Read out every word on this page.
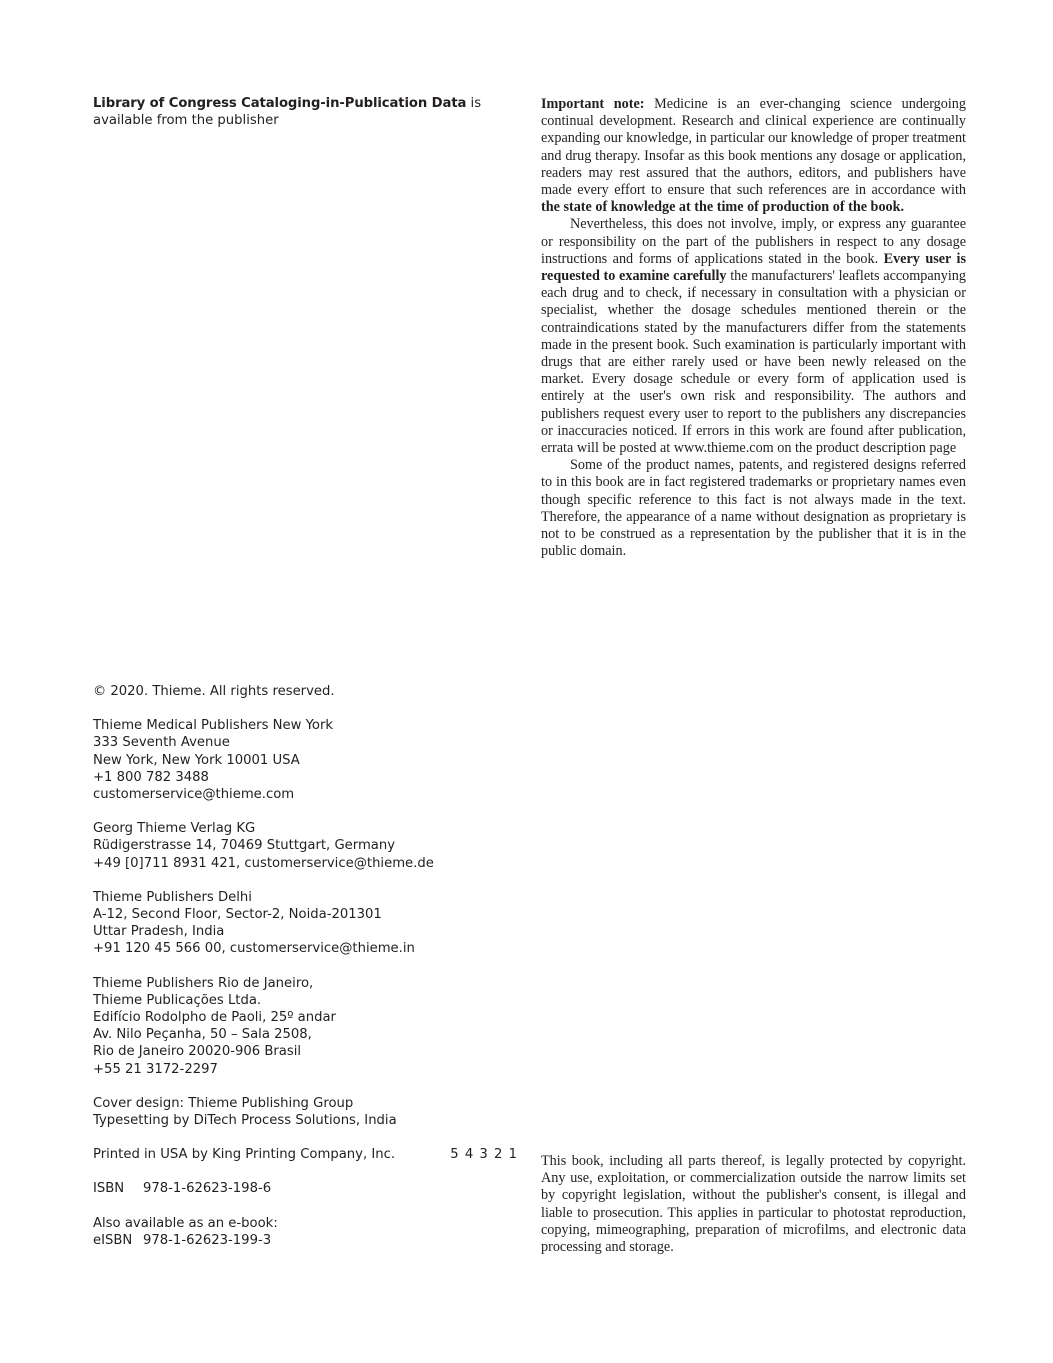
Library of Congress Cataloging-in-Publication Data is available from the publisher

Important note: Medicine is an ever-changing science undergoing continual development. Research and clinical experience are continually expanding our knowledge, in particular our knowledge of proper treatment and drug therapy. Insofar as this book mentions any dosage or application, readers may rest assured that the authors, editors, and publishers have made every effort to ensure that such references are in accordance with the state of knowledge at the time of production of the book.

Nevertheless, this does not involve, imply, or express any guarantee or responsibility on the part of the publishers in respect to any dosage instructions and forms of applications stated in the book. Every user is requested to examine carefully the manufacturers' leaflets accompanying each drug and to check, if necessary in consultation with a physician or specialist, whether the dosage schedules mentioned therein or the contraindications stated by the manufacturers differ from the statements made in the present book. Such examination is particularly important with drugs that are either rarely used or have been newly released on the market. Every dosage schedule or every form of application used is entirely at the user's own risk and responsibility. The authors and publishers request every user to report to the publishers any discrepancies or inaccuracies noticed. If errors in this work are found after publication, errata will be posted at www.thieme.com on the product description page

Some of the product names, patents, and registered designs referred to in this book are in fact registered trademarks or proprietary names even though specific reference to this fact is not always made in the text. Therefore, the appearance of a name without designation as proprietary is not to be construed as a representation by the publisher that it is in the public domain.

© 2020. Thieme. All rights reserved.
Thieme Medical Publishers New York
333 Seventh Avenue
New York, New York 10001 USA
+1 800 782 3488
customerservice@thieme.com
Georg Thieme Verlag KG
Rüdigerstrasse 14, 70469 Stuttgart, Germany
+49 [0]711 8931 421, customerservice@thieme.de
Thieme Publishers Delhi
A-12, Second Floor, Sector-2, Noida-201301
Uttar Pradesh, India
+91 120 45 566 00, customerservice@thieme.in
Thieme Publishers Rio de Janeiro,
Thieme Publicações Ltda.
Edifício Rodolpho de Paoli, 25º andar
Av. Nilo Peçanha, 50 – Sala 2508,
Rio de Janeiro 20020-906 Brasil
+55 21 3172-2297
Cover design: Thieme Publishing Group
Typesetting by DiTech Process Solutions, India
Printed in USA by King Printing Company, Inc.	5 4 3 2 1
ISBN 978-1-62623-198-6
Also available as an e-book:
eISBN 978-1-62623-199-3

This book, including all parts thereof, is legally protected by copyright. Any use, exploitation, or commercialization outside the narrow limits set by copyright legislation, without the publisher's consent, is illegal and liable to prosecution. This applies in particular to photostat reproduction, copying, mimeographing, preparation of microfilms, and electronic data processing and storage.
